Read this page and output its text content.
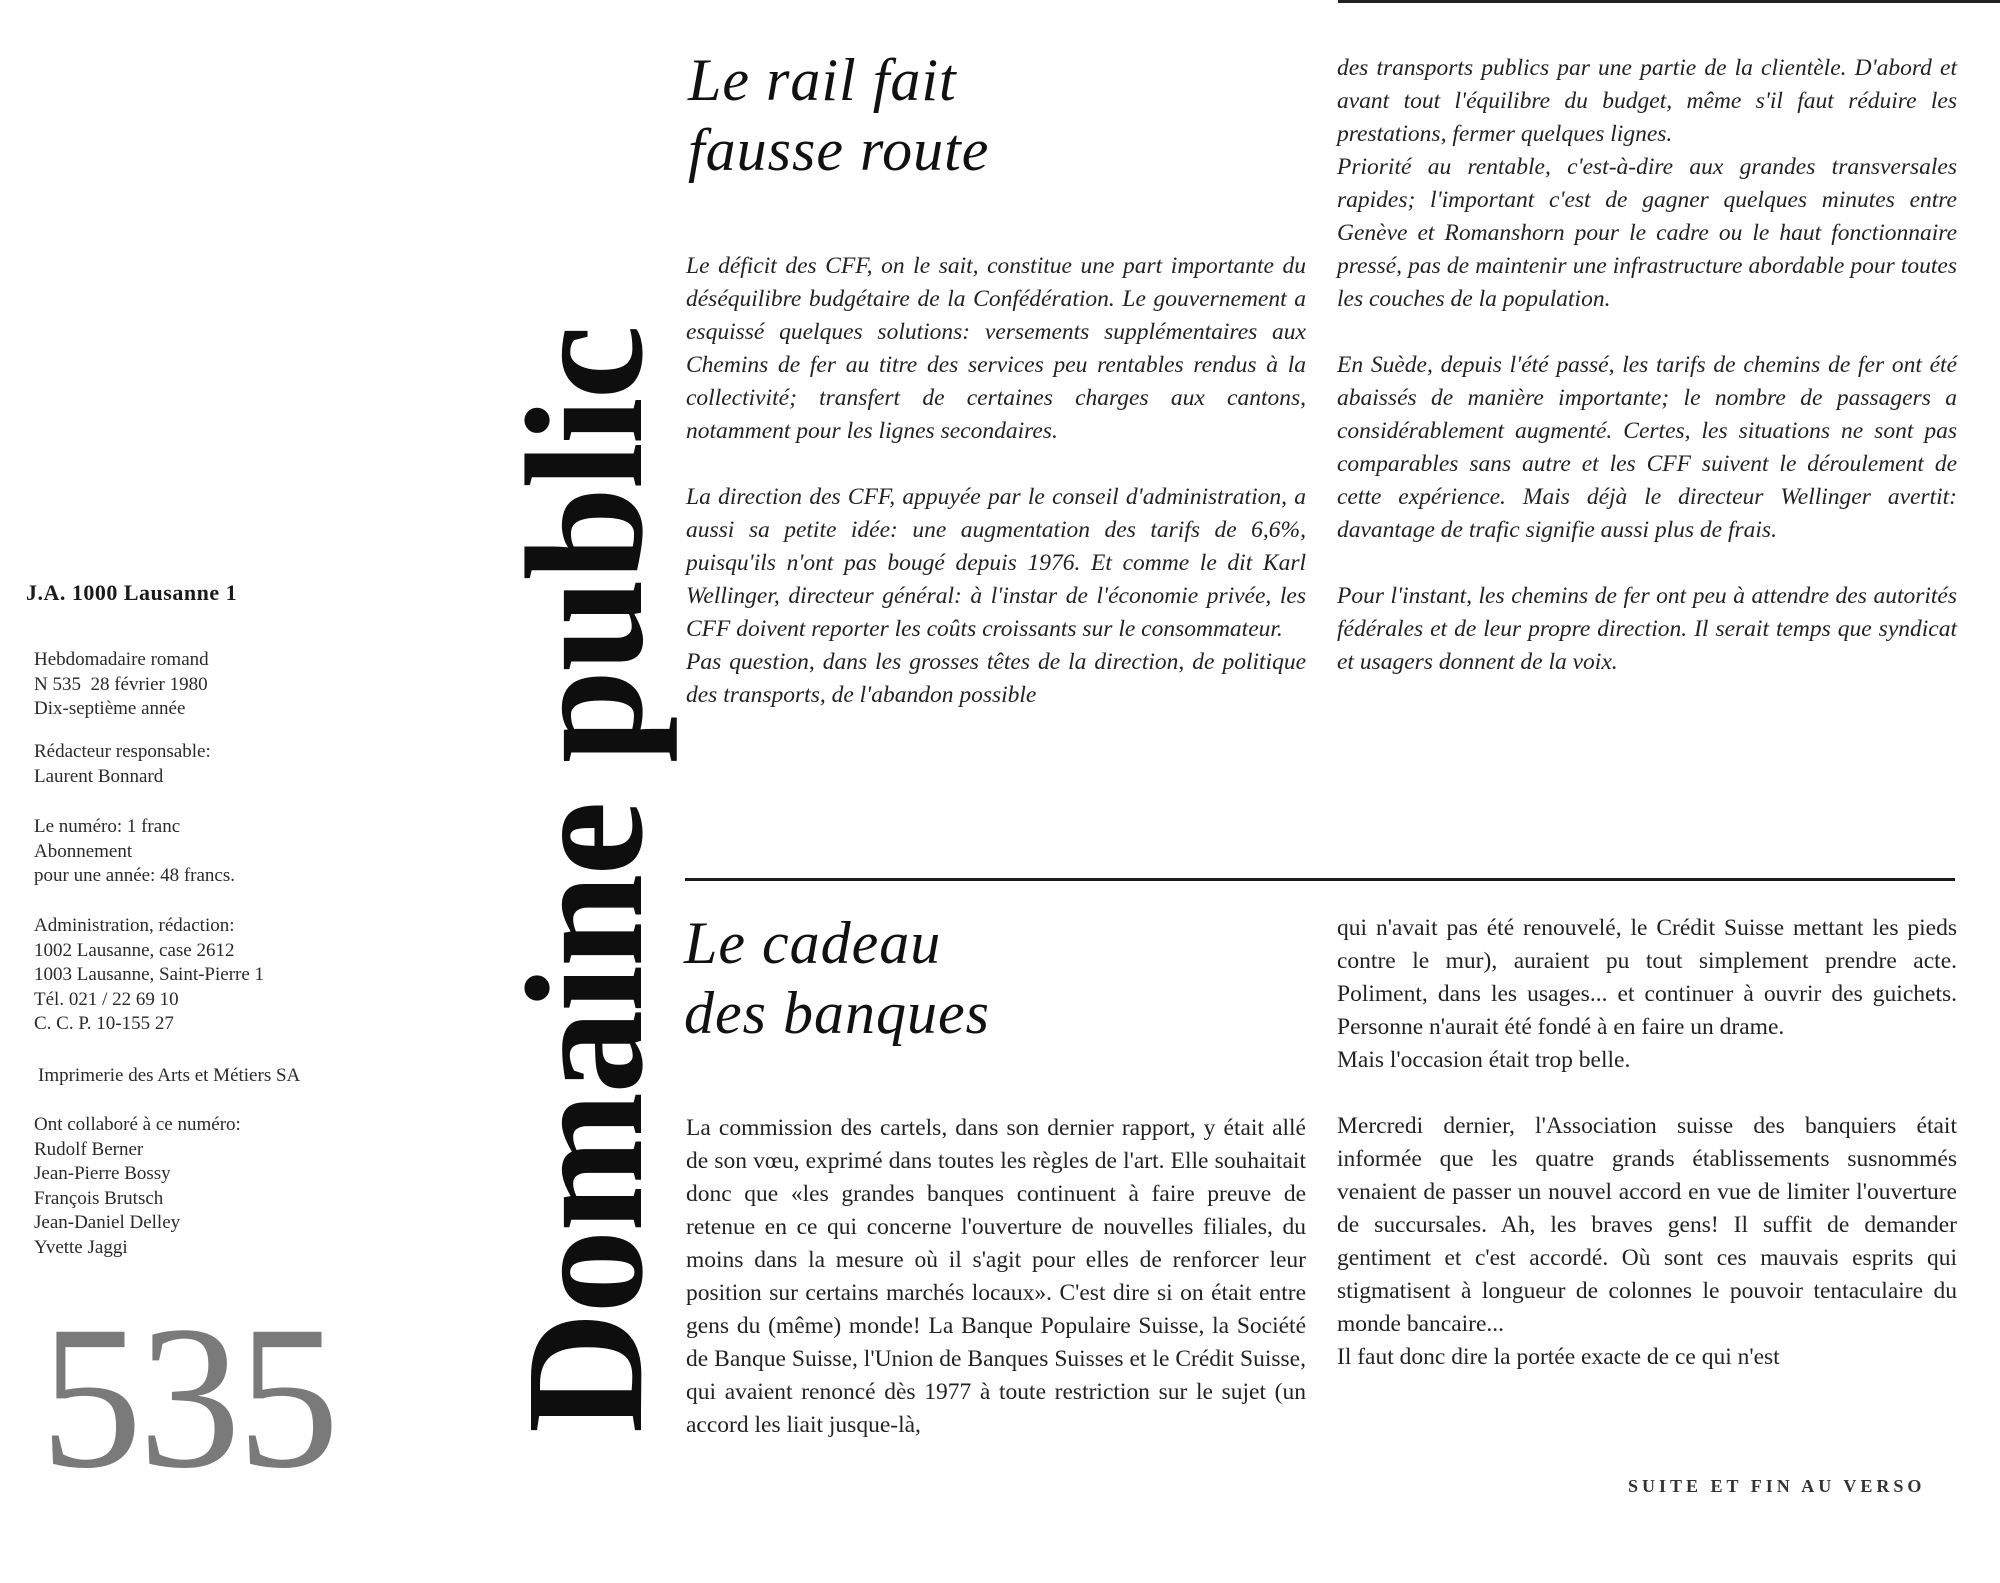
J.A. 1000 Lausanne 1
Hebdomadaire romand
N 535  28 février 1980
Dix-septième année
Rédacteur responsable:
Laurent Bonnard
Le numéro: 1 franc
Abonnement
pour une année: 48 francs.
Administration, rédaction:
1002 Lausanne, case 2612
1003 Lausanne, Saint-Pierre 1
Tél. 021 / 22 69 10
C. C. P. 10-155 27
Imprimerie des Arts et Métiers SA
Ont collaboré à ce numéro:
Rudolf Berner
Jean-Pierre Bossy
François Brutsch
Jean-Daniel Delley
Yvette Jaggi
535 Domaine public
Le rail fait
fausse route

Le déficit des CFF, on le sait, constitue une part importante du déséquilibre budgétaire de la Confédération. Le gouvernement a esquissé quelques solutions: versements supplémentaires aux Chemins de fer au titre des services peu rentables rendus à la collectivité; transfert de certaines charges aux cantons, notamment pour les lignes secondaires.

La direction des CFF, appuyée par le conseil d'administration, a aussi sa petite idée: une augmentation des tarifs de 6,6%, puisqu'ils n'ont pas bougé depuis 1976. Et comme le dit Karl Wellinger, directeur général: à l'instar de l'économie privée, les CFF doivent reporter les coûts croissants sur le consommateur.

Pas question, dans les grosses têtes de la direction, de politique des transports, de l'abandon possible

des transports publics par une partie de la clientèle. D'abord et avant tout l'équilibre du budget, même s'il faut réduire les prestations, fermer quelques lignes.

Priorité au rentable, c'est-à-dire aux grandes transversales rapides; l'important c'est de gagner quelques minutes entre Genève et Romanshorn pour le cadre ou le haut fonctionnaire pressé, pas de maintenir une infrastructure abordable pour toutes les couches de la population.

En Suède, depuis l'été passé, les tarifs de chemins de fer ont été abaissés de manière importante; le nombre de passagers a considérablement augmenté. Certes, les situations ne sont pas comparables sans autre et les CFF suivent le déroulement de cette expérience. Mais déjà le directeur Wellinger avertit: davantage de trafic signifie aussi plus de frais.

Pour l'instant, les chemins de fer ont peu à attendre des autorités fédérales et de leur propre direction. Il serait temps que syndicat et usagers donnent de la voix.

Le cadeau
des banques

La commission des cartels, dans son dernier rapport, y était allé de son vœu, exprimé dans toutes les règles de l'art. Elle souhaitait donc que «les grandes banques continuent à faire preuve de retenue en ce qui concerne l'ouverture de nouvelles filiales, du moins dans la mesure où il s'agit pour elles de renforcer leur position sur certains marchés locaux». C'est dire si on était entre gens du (même) monde! La Banque Populaire Suisse, la Société de Banque Suisse, l'Union de Banques Suisses et le Crédit Suisse, qui avaient renoncé dès 1977 à toute restriction sur le sujet (un accord les liait jusque-là,

qui n'avait pas été renouvelé, le Crédit Suisse mettant les pieds contre le mur), auraient pu tout simplement prendre acte. Poliment, dans les usages... et continuer à ouvrir des guichets. Personne n'aurait été fondé à en faire un drame.

Mais l'occasion était trop belle.

Mercredi dernier, l'Association suisse des banquiers était informée que les quatre grands établissements susnommés venaient de passer un nouvel accord en vue de limiter l'ouverture de succursales. Ah, les braves gens! Il suffit de demander gentiment et c'est accordé. Où sont ces mauvais esprits qui stigmatisent à longueur de colonnes le pouvoir tentaculaire du monde bancaire...

Il faut donc dire la portée exacte de ce qui n'est

SUITE ET FIN AU VERSO
